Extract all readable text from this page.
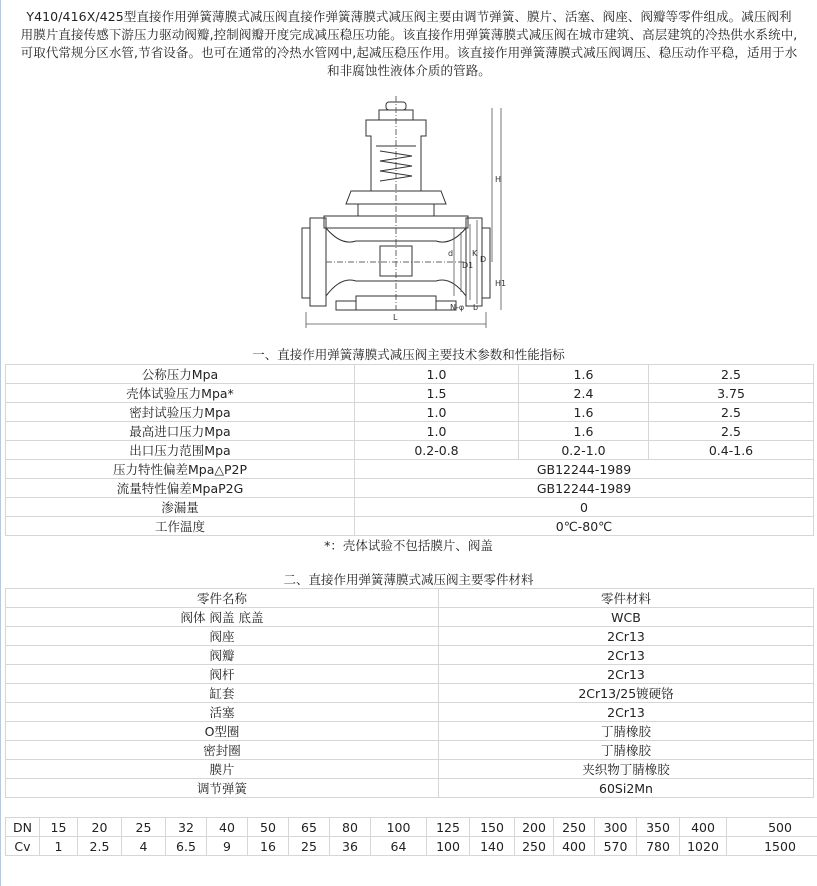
Y410/416X/425型直接作用弹簧薄膜式减压阀直接作弹簧薄膜式减压阀主要由调节弹簧、膜片、活塞、阀座、阀瓣等零件组成。减压阀利
用膜片直接传感下游压力驱动阀瓣,控制阀瓣开度完成减压稳压功能。该直接作用弹簧薄膜式减压阀在城市建筑、高层建筑的冷热供水系统中,
可取代常规分区水管,节省设备。也可在通常的冷热水管网中,起减压稳压作用。该直接作用弹簧薄膜式减压阀调压、稳压动作平稳，适用于水
和非腐蚀性液体介质的管路。
H
H1
D
K
D1
d
N-φ b
L
一、直接作用弹簧薄膜式减压阀主要技术参数和性能指标
公称压力Mpa	1.0	1.6	2.5
壳体试验压力Mpa*	1.5	2.4	3.75
密封试验压力Mpa	1.0	1.6	2.5
最高进口压力Mpa	1.0	1.6	2.5
出口压力范围Mpa	0.2-0.8	0.2-1.0	0.4-1.6
压力特性偏差Mpa△P2P	GB12244-1989		
流量特性偏差MpaP2G	GB12244-1989		
渗漏量	0		
工作温度	0℃-80℃		
*：壳体试验不包括膜片、阀盖
二、直接作用弹簧薄膜式减压阀主要零件材料
零件名称	零件材料
阀体 阀盖 底盖	WCB
阀座	2Cr13
阀瓣	2Cr13
阀杆	2Cr13
缸套	2Cr13/25镀硬铬
活塞	2Cr13
O型圈	丁腈橡胶
密封圈	丁腈橡胶
膜片	夹织物丁腈橡胶
调节弹簧	60Si2Mn
DN	15	20	25	32	40	50	65	80	100	125	150	200	250	300	350	400	500
Cv	1	2.5	4	6.5	9	16	25	36	64	100	140	250	400	570	780	1020	1500
